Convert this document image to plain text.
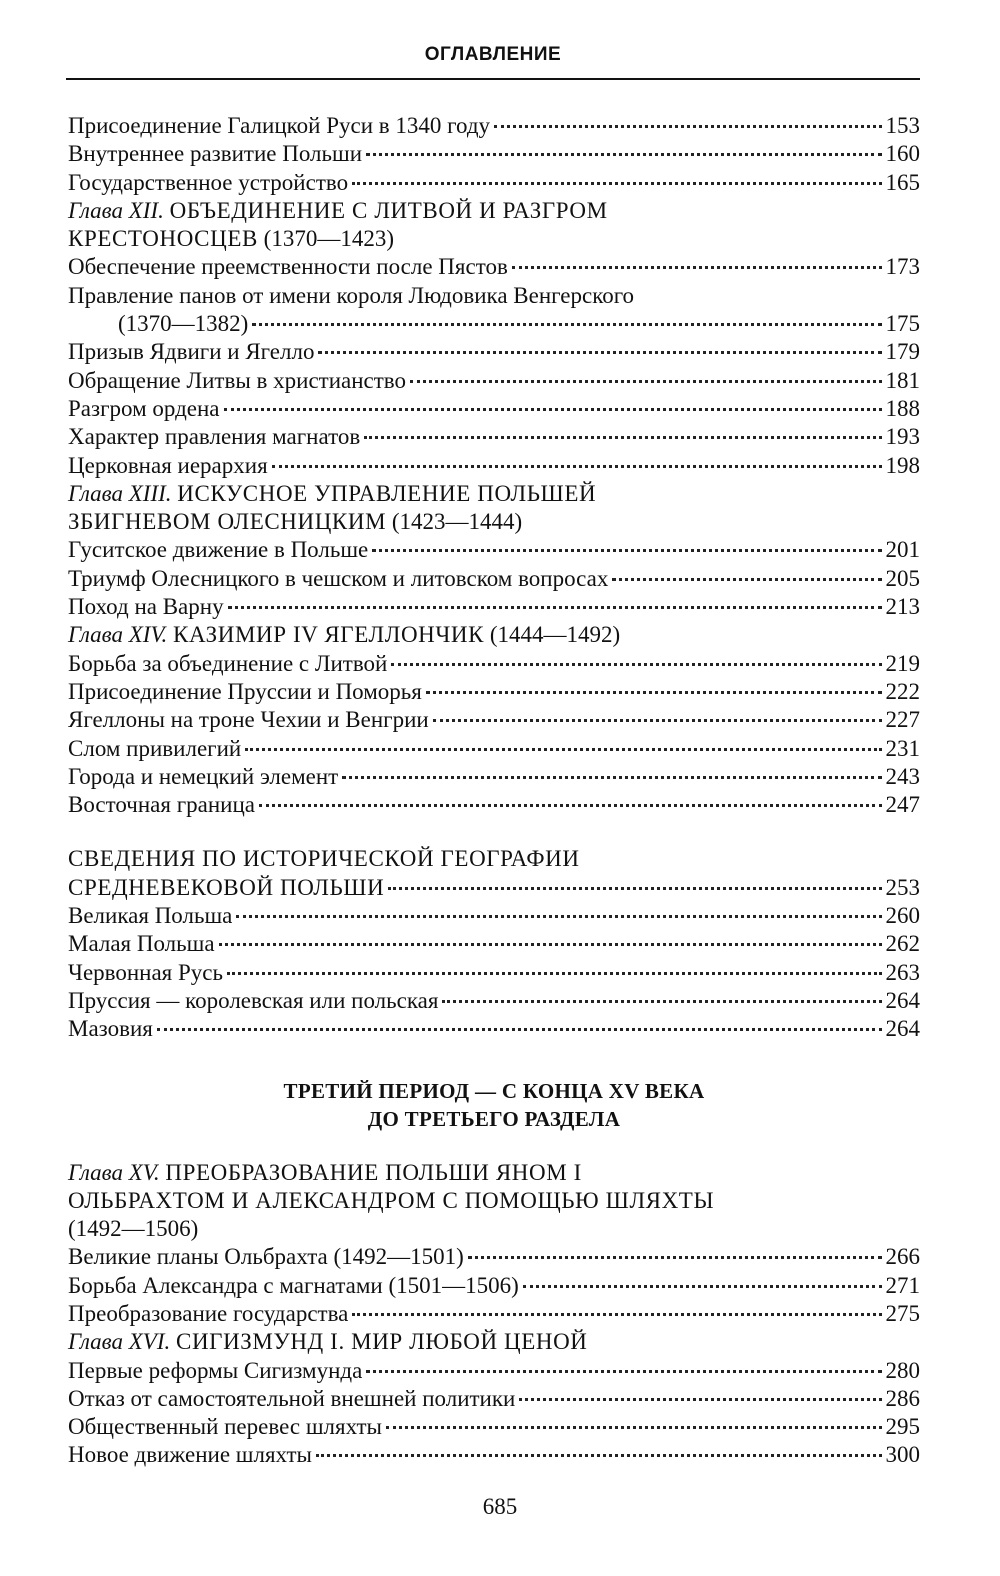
ОГЛАВЛЕНИЕ
Присоединение Галицкой Руси в 1340 году	153
Внутреннее развитие Польши	160
Государственное устройство	165
Глава XII. ОБЪЕДИНЕНИЕ С ЛИТВОЙ И РАЗГРОМ
КРЕСТОНОСЦЕВ (1370—1423)
Обеспечение преемственности после Пястов	173
Правление панов от имени короля Людовика Венгерского
(1370—1382)	175
Призыв Ядвиги и Ягелло	179
Обращение Литвы в христианство	181
Разгром ордена	188
Характер правления магнатов	193
Церковная иерархия	198
Глава XIII. ИСКУСНОЕ УПРАВЛЕНИЕ ПОЛЬШЕЙ
ЗБИГНЕВОМ ОЛЕСНИЦКИМ (1423—1444)
Гуситское движение в Польше	201
Триумф Олесницкого в чешском и литовском вопросах	205
Поход на Варну	213
Глава XIV. КАЗИМИР IV ЯГЕЛЛОНЧИК (1444—1492)
Борьба за объединение с Литвой	219
Присоединение Пруссии и Поморья	222
Ягеллоны на троне Чехии и Венгрии	227
Слом привилегий	231
Города и немецкий элемент	243
Восточная граница	247
СВЕДЕНИЯ ПО ИСТОРИЧЕСКОЙ ГЕОГРАФИИ
СРЕДНЕВЕКОВОЙ ПОЛЬШИ	253
Великая Польша	260
Малая Польша	262
Червонная Русь	263
Пруссия — королевская или польская	264
Мазовия	264
ТРЕТИЙ ПЕРИОД — С КОНЦА XV ВЕКА
ДО ТРЕТЬЕГО РАЗДЕЛА
Глава XV. ПРЕОБРАЗОВАНИЕ ПОЛЬШИ ЯНОМ I
ОЛЬБРАХТОМ И АЛЕКСАНДРОМ С ПОМОЩЬЮ ШЛЯХТЫ
(1492—1506)
Великие планы Ольбрахта (1492—1501)	266
Борьба Александра с магнатами (1501—1506)	271
Преобразование государства	275
Глава XVI. СИГИЗМУНД I. МИР ЛЮБОЙ ЦЕНОЙ
Первые реформы Сигизмунда	280
Отказ от самостоятельной внешней политики	286
Общественный перевес шляхты	295
Новое движение шляхты	300
685
